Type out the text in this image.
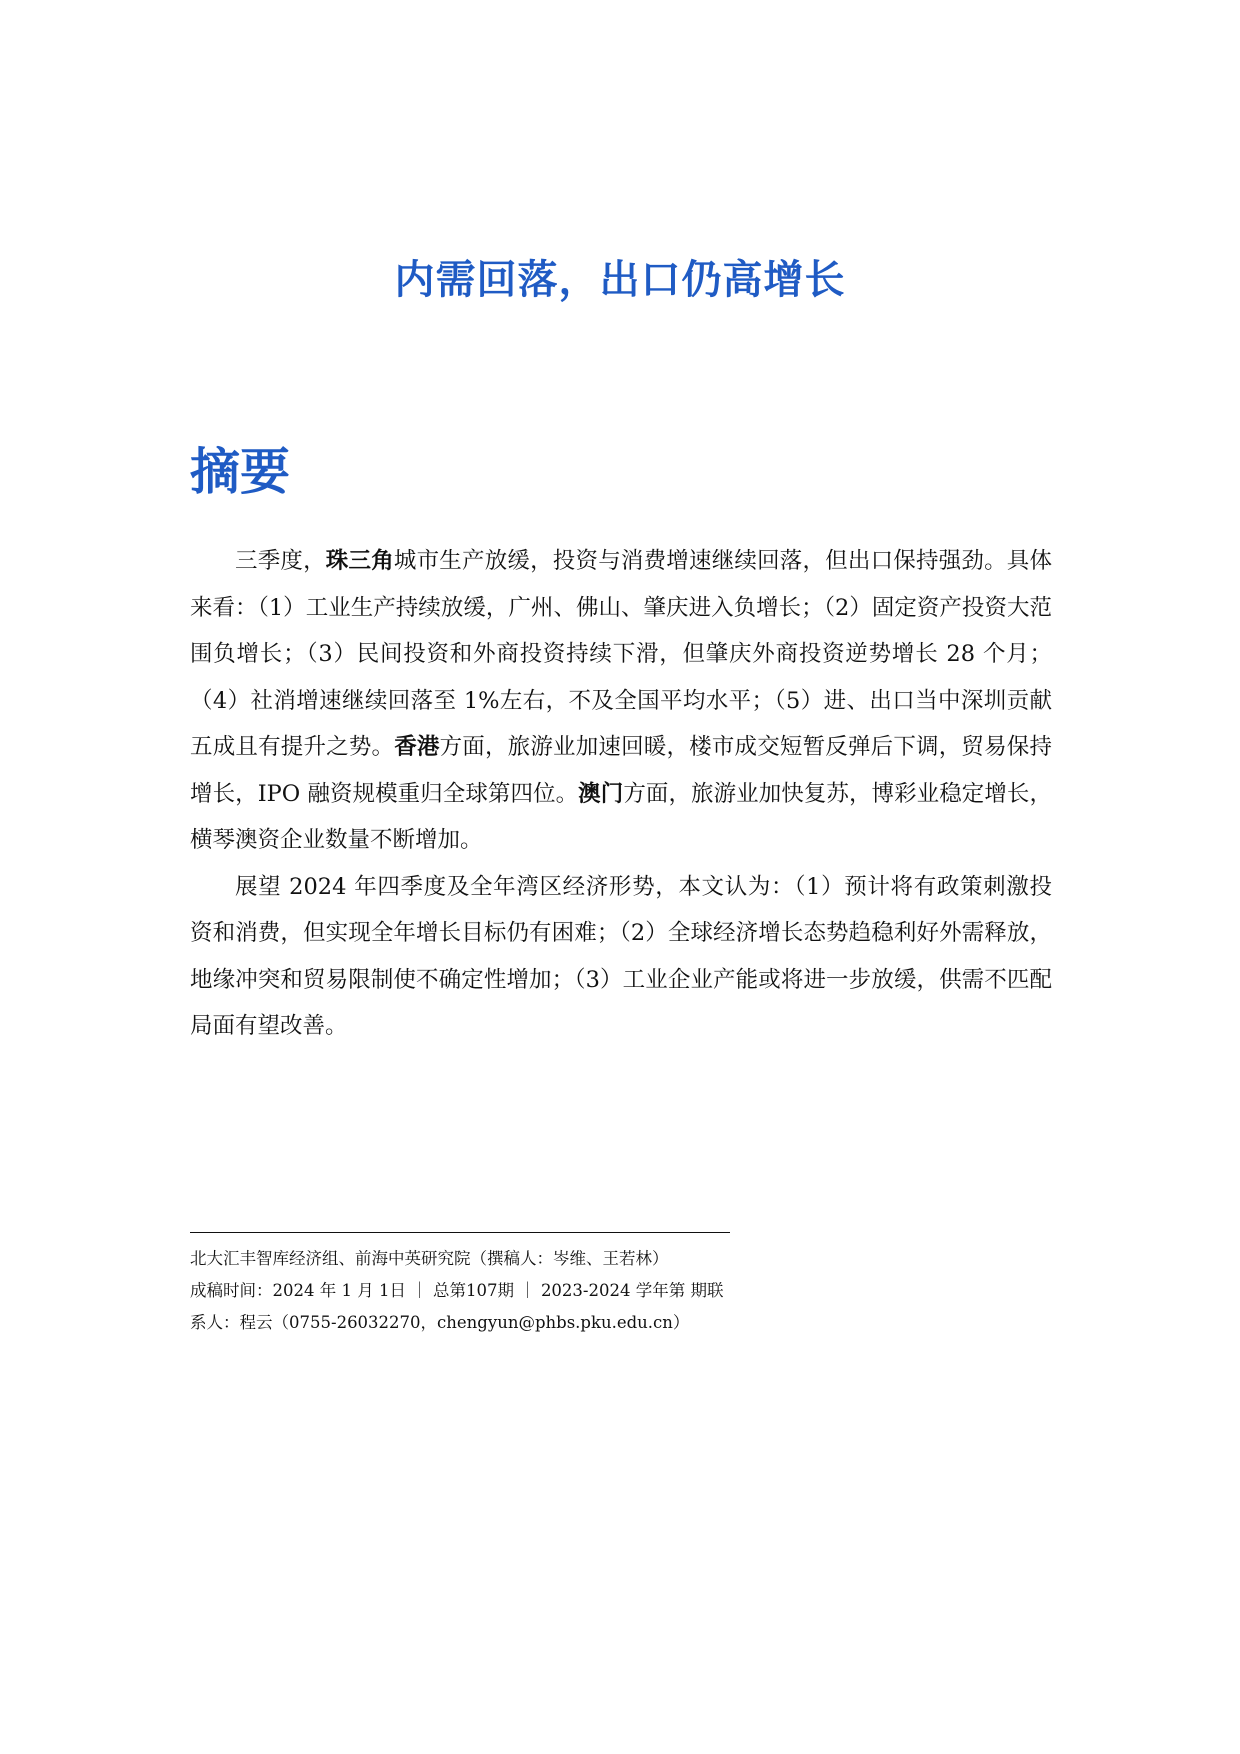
内需回落，出口仍高增长
摘要

三季度，珠三角城市生产放缓，投资与消费增速继续回落，但出口保持强劲。具体来看：（1）工业生产持续放缓，广州、佛山、肇庆进入负增长；（2）固定资产投资大范围负增长；（3）民间投资和外商投资持续下滑，但肇庆外商投资逆势增长 28 个月；（4）社消增速继续回落至 1%左右，不及全国平均水平；（5）进、出口当中深圳贡献五成且有提升之势。香港方面，旅游业加速回暖，楼市成交短暂反弹后下调，贸易保持增长，IPO 融资规模重归全球第四位。澳门方面，旅游业加快复苏，博彩业稳定增长，横琴澳资企业数量不断增加。

展望 2024 年四季度及全年湾区经济形势，本文认为：（1）预计将有政策刺激投资和消费，但实现全年增长目标仍有困难；（2）全球经济增长态势趋稳利好外需释放，地缘冲突和贸易限制使不确定性增加；（3）工业企业产能或将进一步放缓，供需不匹配局面有望改善。

北大汇丰智库经济组、前海中英研究院（撰稿人：岑维、王若林）
成稿时间：2024 年 1 月 1日 ｜ 总第107期 ｜ 2023-2024 学年第 期联
系人：程云（0755-26032270，chengyun@phbs.pku.edu.cn）
